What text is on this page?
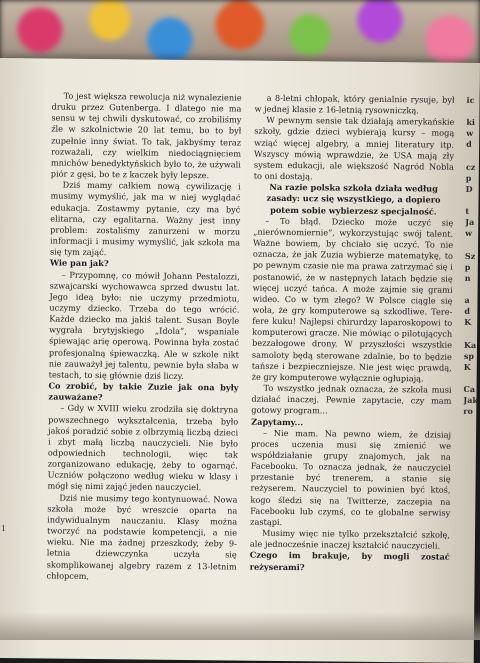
To jest większa rewolucja niż wynalezienie druku przez Gutenberga. I dlatego nie ma sensu w tej chwili dyskutować, co zrobiliśmy źle w szkolnictwie 20 lat temu, bo to był zupełnie inny świat. To tak, jakbyśmy teraz rozważali, czy wielkim niedociągnięciem mnichów benedyktyńskich było to, że używali piór z gęsi, bo te z kaczek były lepsze.

Dziś mamy całkiem nową cywilizację i musimy wymyślić, jak ma w niej wyglądać edukacja. Zostawmy pytanie, czy ma być elitarna, czy egalitarna. Ważny jest inny problem: zostaliśmy zanurzeni w morzu informacji i musimy wymyślić, jak szkoła ma się tym zająć.

Wie pan jak?

– Przypomnę, co mówił Johann Pestalozzi, szwajcarski wychowawca sprzed dwustu lat. Jego ideą było: nie uczymy przedmiotu, uczymy dziecko. Trzeba do tego wrócić. Każde dziecko ma jakiś talent. Susan Boyle wygrała brytyjskiego „Idola”, wspaniale śpiewając arię operową. Powinna była zostać profesjonalną śpiewaczką. Ale w szkole nikt nie zauważył jej talentu, pewnie była słaba w testach, to się głównie dziś liczy.

Co zrobić, by takie Zuzie jak ona były zauważane?

– Gdy w XVIII wieku zrodziła się doktryna powszechnego wykształcenia, trzeba było jakoś poradzić sobie z olbrzymią liczbą dzieci i zbyt małą liczbą nauczycieli. Nie było odpowiednich technologii, więc tak zorganizowano edukację, żeby to ogarnąć. Uczniów połączono według wieku w klasy i mógł się nimi zająć jeden nauczyciel.

Dziś nie musimy tego kontynuować. Nowa szkoła może być wreszcie oparta na indywidualnym nauczaniu. Klasy można tworzyć na podstawie kompetencji, a nie wieku. Nie ma żadnej przeszkody, żeby 9-letnia dziewczynka uczyła się skomplikowanej algebry razem z 13-letnim chłopcem,

a 8-letni chłopak, który genialnie rysuje, był w jednej klasie z 16-letnią rysowniczką.

W pewnym sensie tak działają amerykańskie szkoły, gdzie dzieci wybierają kursy – mogą wziąć więcej algebry, a mniej literatury itp. Wszyscy mówią wprawdzie, że USA mają zły system edukacji, ale większość Nagród Nobla to oni dostają.

Na razie polska szkoła działa według zasady: ucz się wszystkiego, a dopiero potem sobie wybierzesz specjalność.

– To błąd. Dziecko może uczyć się „nierównomiernie”, wykorzystując swój talent. Ważne bowiem, by chciało się uczyć. To nie oznacza, że jak Zuzia wybierze matematykę, to po pewnym czasie nie ma prawa zatrzymać się i postanowić, że w następnych latach będzie się więcej uczyć tańca. A może zajmie się grami wideo. Co w tym złego? W Polsce ciągle się woła, że gry komputerowe są szkodliwe. Tere-fere kuku! Najlepsi chirurdzy laparoskopowi to komputerowi gracze. Nie mówiąc o pilotujących bezzałogowe drony. W przyszłości wszystkie samoloty będą sterowane zdalnie, bo to będzie tańsze i bezpieczniejsze. Nie jest więc prawdą, że gry komputerowe wyłącznie ogłupiają.

To wszystko jednak oznacza, że szkoła musi działać inaczej. Pewnie zapytacie, czy mam gotowy program...

Zapytamy...

– Nie mam. Na pewno wiem, że dzisiaj proces uczenia musi się zmienić we współdziałanie grupy znajomych, jak na Facebooku. To oznacza jednak, że nauczyciel przestanie być trenerem, a stanie się reżyserem. Nauczyciel to powinien być ktoś, kogo śledzi się na Twitterze, zaczepia na Facebooku lub czymś, co te globalne serwisy zastąpi.

Musimy więc nie tylko przekształcić szkołę, ale jednocześnie inaczej kształcić nauczycieli.

Czego im brakuje, by mogli zostać reżyserami?

ic
ki
w
d
cz
p
D
t
Ja
w
Sz
p
n
a
d
K
Ka
sp
K
Ca
Jak
ro
1
